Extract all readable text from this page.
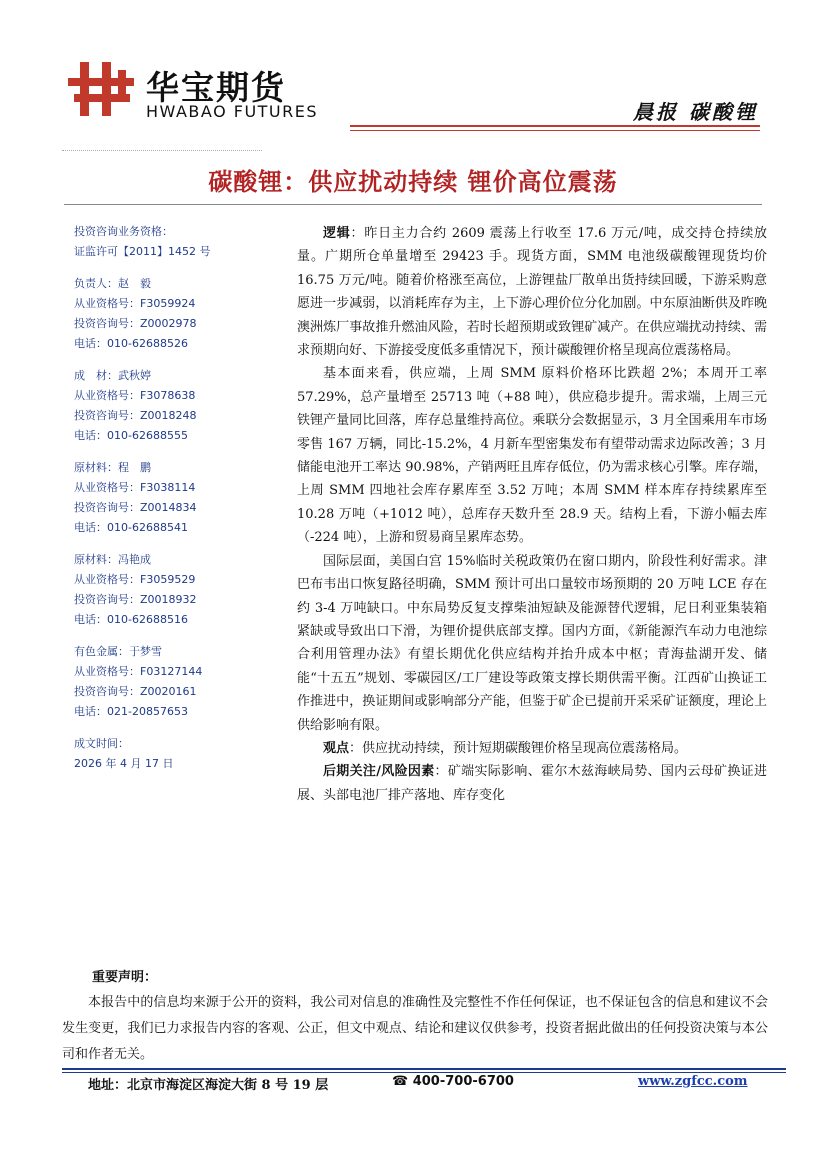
华宝期货
HWABAO FUTURES	晨报 碳酸锂
碳酸锂：供应扰动持续 锂价高位震荡
投资咨询业务资格：
证监许可【2011】1452 号
负责人：赵　毅
从业资格号：F3059924
投资咨询号：Z0002978
电话：010-62688526
成　材：武秋婷
从业资格号：F3078638
投资咨询号：Z0018248
电话：010-62688555
原材料：程　鹏
从业资格号：F3038114
投资咨询号：Z0014834
电话：010-62688541
原材料：冯艳成
从业资格号：F3059529
投资咨询号：Z0018932
电话：010-62688516
有色金属：于梦雪
从业资格号：F03127144
投资咨询号：Z0020161
电话：021-20857653
成文时间：
2026 年 4 月 17 日

逻辑：昨日主力合约 2609 震荡上行收至 17.6 万元/吨，成交持仓持续放量。广期所仓单量增至 29423 手。现货方面，SMM 电池级碳酸锂现货均价 16.75 万元/吨。随着价格涨至高位，上游锂盐厂散单出货持续回暖，下游采购意愿进一步减弱，以消耗库存为主，上下游心理价位分化加剧。中东原油断供及昨晚澳洲炼厂事故推升燃油风险，若时长超预期或致锂矿减产。在供应端扰动持续、需求预期向好、下游接受度低多重情况下，预计碳酸锂价格呈现高位震荡格局。

基本面来看，供应端，上周 SMM 原料价格环比跌超 2%；本周开工率 57.29%，总产量增至 25713 吨（+88 吨），供应稳步提升。需求端，上周三元铁锂产量同比回落，库存总量维持高位。乘联分会数据显示，3 月全国乘用车市场零售 167 万辆，同比-15.2%，4 月新车型密集发布有望带动需求边际改善；3 月储能电池开工率达 90.98%，产销两旺且库存低位，仍为需求核心引擎。库存端，上周 SMM 四地社会库存累库至 3.52 万吨；本周 SMM 样本库存持续累库至 10.28 万吨（+1012 吨），总库存天数升至 28.9 天。结构上看，下游小幅去库（-224 吨），上游和贸易商呈累库态势。

国际层面，美国白宫 15%临时关税政策仍在窗口期内，阶段性利好需求。津巴布韦出口恢复路径明确，SMM 预计可出口量较市场预期的 20 万吨 LCE 存在约 3-4 万吨缺口。中东局势反复支撑柴油短缺及能源替代逻辑，尼日利亚集装箱紧缺或导致出口下滑，为锂价提供底部支撑。国内方面，《新能源汽车动力电池综合利用管理办法》有望长期优化供应结构并抬升成本中枢；青海盐湖开发、储能“十五五”规划、零碳园区/工厂建设等政策支撑长期供需平衡。江西矿山换证工作推进中，换证期间或影响部分产能，但鉴于矿企已提前开采采矿证额度，理论上供给影响有限。

观点：供应扰动持续，预计短期碳酸锂价格呈现高位震荡格局。

后期关注/风险因素：矿端实际影响、霍尔木兹海峡局势、国内云母矿换证进展、头部电池厂排产落地、库存变化

重要声明：
本报告中的信息均来源于公开的资料，我公司对信息的准确性及完整性不作任何保证，也不保证包含的信息和建议不会发生变更，我们已力求报告内容的客观、公正，但文中观点、结论和建议仅供参考，投资者据此做出的任何投资决策与本公司和作者无关。
地址：北京市海淀区海淀大街 8 号 19 层	☎ 400-700-6700	www.zgfcc.com
